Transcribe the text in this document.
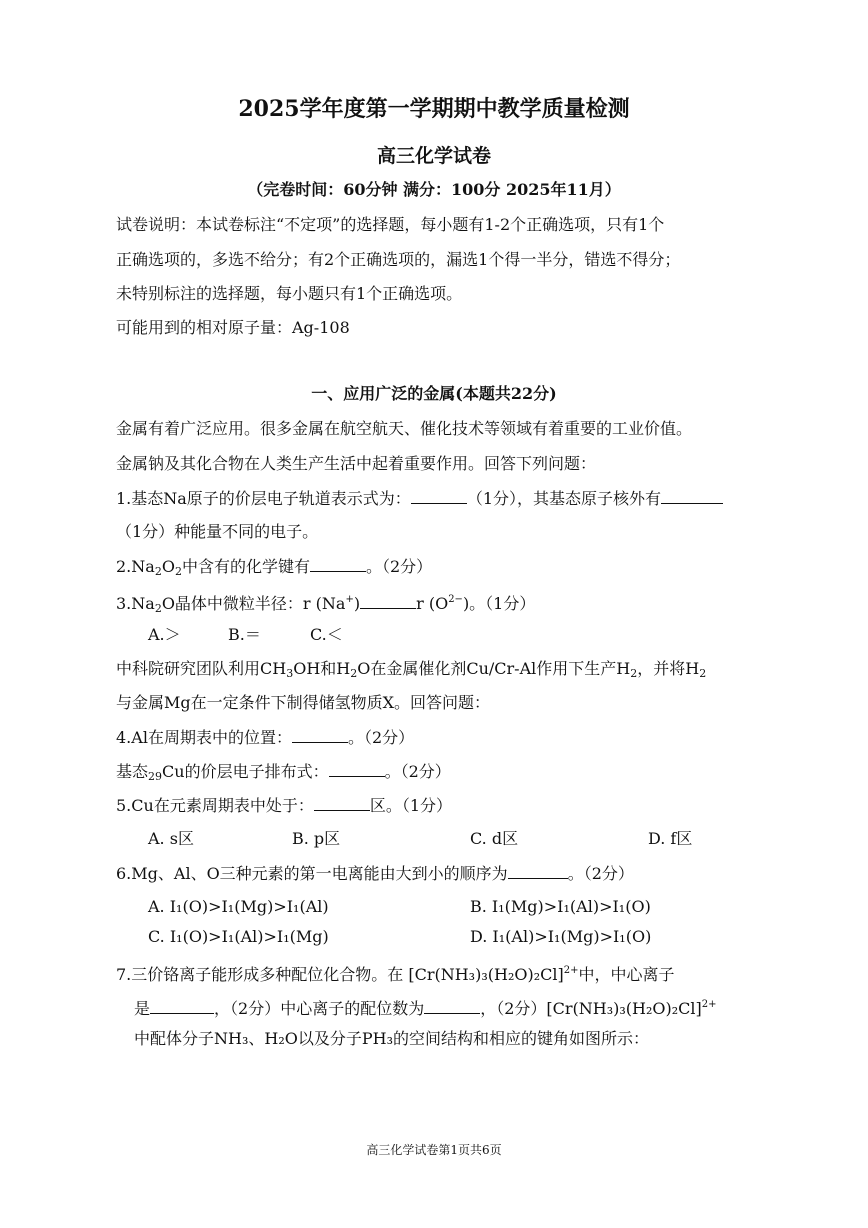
2025学年度第一学期期中教学质量检测
高三化学试卷
（完卷时间：60分钟 满分：100分 2025年11月）
试卷说明：本试卷标注“不定项”的选择题，每小题有1-2个正确选项，只有1个
正确选项的，多选不给分；有2个正确选项的，漏选1个得一半分，错选不得分；
未特别标注的选择题，每小题只有1个正确选项。
可能用到的相对原子量：Ag-108
一、应用广泛的金属(本题共22分)
金属有着广泛应用。很多金属在航空航天、催化技术等领域有着重要的工业价值。
金属钠及其化合物在人类生产生活中起着重要作用。回答下列问题：
1.基态Na原子的价层电子轨道表示式为：	（1分），其基态原子核外有
（1分）种能量不同的电子。
$2.Na_2O_2$中含有的化学键有	。（2分）
$3.Na_2O$晶体中微粒半径：r (Na+)	r $(O^{2-})$。（1分）
A.＞	B.＝	C.＜
中科院研究团队利用$CH_3OH$和$H_2O$在金属催化剂Cu/Cr-Al作用下生产$H_2$，并将$H_2$
与金属Mg在一定条件下制得储氢物质X。回答问题：
4.Al在周期表中的位置：	。（2分）
基态$_{29}$Cu的价层电子排布式：	。（2分）
5.Cu在元素周期表中处于：	区。（1分）
A. s区	B. p区	C. d区	D. f区
6.Mg、Al、O三种元素的第一电离能由大到小的顺序为	。（2分）
A. I₁(O)>I₁(Mg)>I₁(Al)	B. I₁(Mg)>I₁(Al)>I₁(O)
C. I₁(O)>I₁(Al)>I₁(Mg)	D. I₁(Al)>I₁(Mg)>I₁(O)
7.三价铬离子能形成多种配位化合物。在 $[Cr(NH_3)_3(H_2O)_2Cl]^{2+}$中，中心离子
是	，（2分）中心离子的配位数为	，（2分）$[Cr(NH_3)_3(H_2O)_2Cl]^{2+}$
中配体分子NH₃、H₂O以及分子PH₃的空间结构和相应的键角如图所示：
高三化学试卷第1页共6页
